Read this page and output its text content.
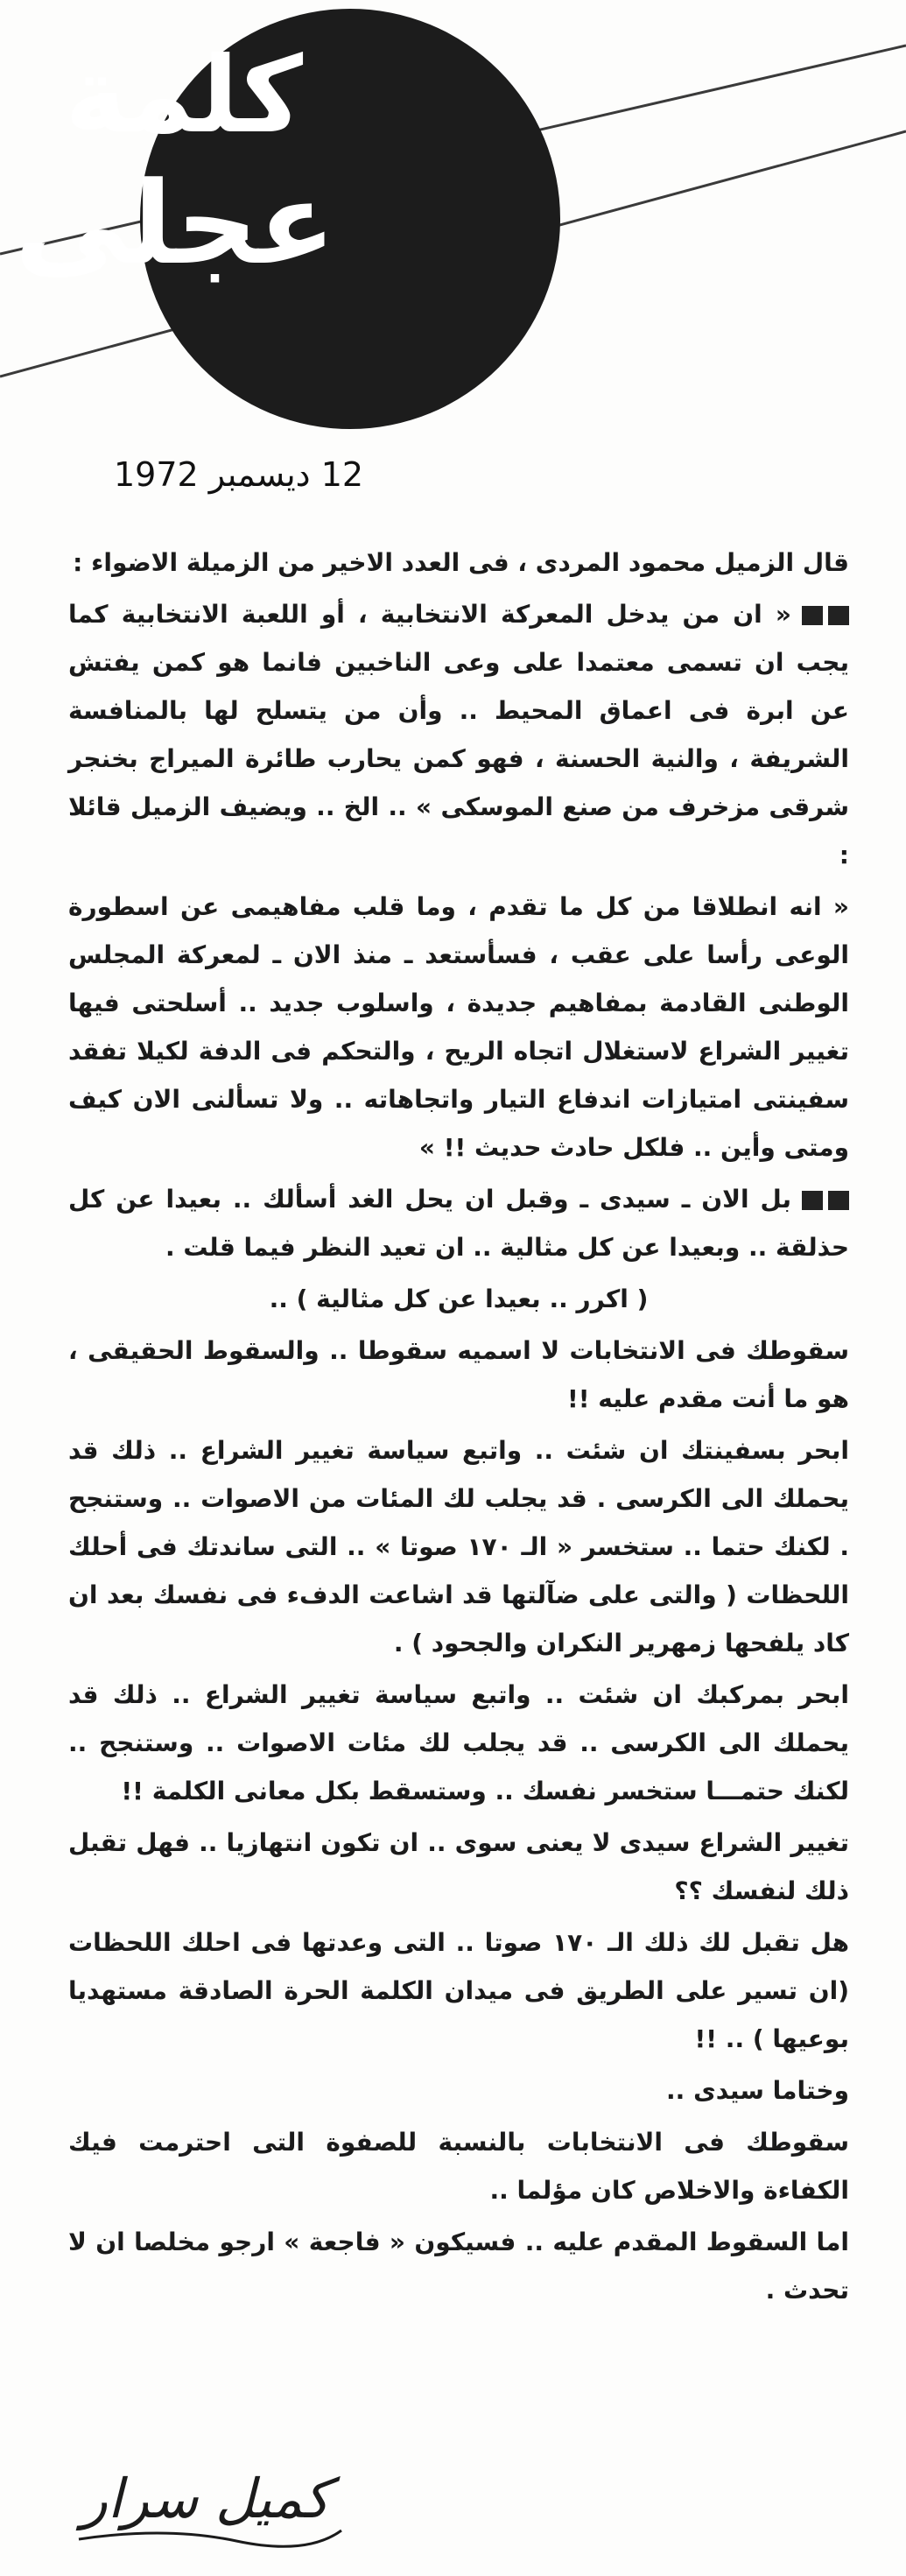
كلمة
عجلى
12 ديسمبر 1972

قال الزميل محمود المردى ، فى العدد الاخير من الزميلة الاضواء :

« ان من يدخل المعركة الانتخابية ، أو اللعبة الانتخابية كما يجب ان تسمى معتمدا على وعى الناخبين فانما هو كمن يفتش عن ابرة فى اعماق المحيط .. وأن من يتسلح لها بالمنافسة الشريفة ، والنية الحسنة ، فهو كمن يحارب طائرة الميراج بخنجر شرقى مزخرف من صنع الموسكى » .. الخ .. ويضيف الزميل قائلا :

« انه انطلاقا من كل ما تقدم ، وما قلب مفاهيمى عن اسطورة الوعى رأسا على عقب ، فسأستعد ـ منذ الان ـ لمعركة المجلس الوطنى القادمة بمفاهيم جديدة ، واسلوب جديد .. أسلحتى فيها تغيير الشراع لاستغلال اتجاه الريح ، والتحكم فى الدفة لكيلا تفقد سفينتى امتيازات اندفاع التيار واتجاهاته .. ولا تسألنى الان كيف ومتى وأين .. فلكل حادث حديث !! »

بل الان ـ سيدى ـ وقبل ان يحل الغد أسألك .. بعيدا عن كل حذلقة .. وبعيدا عن كل مثالية .. ان تعيد النظر فيما قلت .

( اكرر .. بعيدا عن كل مثالية ) ..

سقوطك فى الانتخابات لا اسميه سقوطا .. والسقوط الحقيقى ، هو ما أنت مقدم عليه !!

ابحر بسفينتك ان شئت .. واتبع سياسة تغيير الشراع .. ذلك قد يحملك الى الكرسى . قد يجلب لك المئات من الاصوات .. وستنجح . لكنك حتما .. ستخسر « الـ ١٧٠ صوتا » .. التى ساندتك فى أحلك اللحظات ( والتى على ضآلتها قد اشاعت الدفء فى نفسك بعد ان كاد يلفحها زمهرير النكران والجحود ) .

ابحر بمركبك ان شئت .. واتبع سياسة تغيير الشراع .. ذلك قد يحملك الى الكرسى .. قد يجلب لك مئات الاصوات .. وستنجح .. لكنك حتمـــا ستخسر نفسك .. وستسقط بكل معانى الكلمة !!

تغيير الشراع سيدى لا يعنى سوى .. ان تكون انتهازيا .. فهل تقبل ذلك لنفسك ؟؟

هل تقبل لك ذلك الـ ١٧٠ صوتا .. التى وعدتها فى احلك اللحظات (ان تسير على الطريق فى ميدان الكلمة الحرة الصادقة مستهديا بوعيها ) .. !!

وختاما سيدى ..

سقوطك فى الانتخابات بالنسبة للصفوة التى احترمت فيك الكفاءة والاخلاص كان مؤلما ..

اما السقوط المقدم عليه .. فسيكون « فاجعة » ارجو مخلصا ان لا تحدث .

كميل سرار
